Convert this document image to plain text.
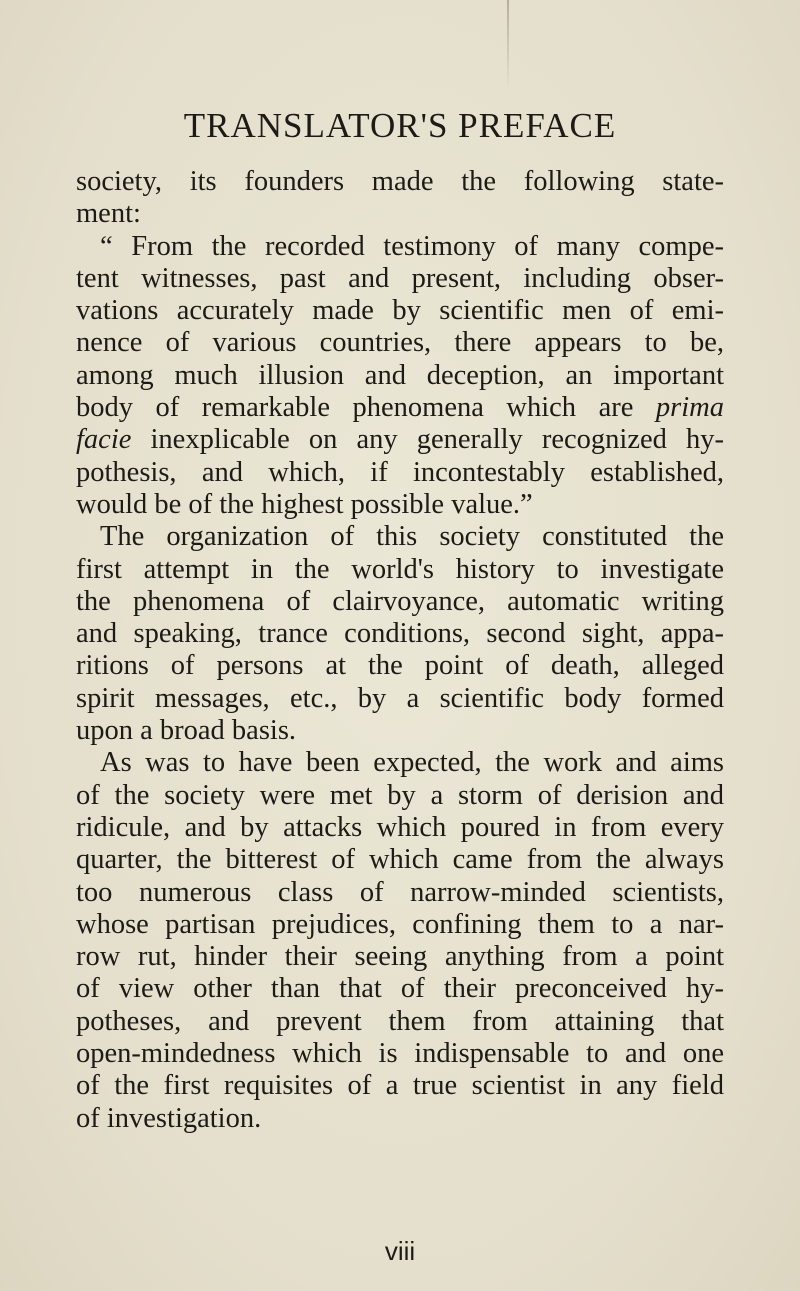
TRANSLATOR'S PREFACE
society, its founders made the following state-
ment:
“ From the recorded testimony of many compe-
tent witnesses, past and present, including obser-
vations accurately made by scientific men of emi-
nence of various countries, there appears to be,
among much illusion and deception, an important
body of remarkable phenomena which are prima
facie inexplicable on any generally recognized hy-
pothesis, and which, if incontestably established,
would be of the highest possible value.”
The organization of this society constituted the
first attempt in the world's history to investigate
the phenomena of clairvoyance, automatic writing
and speaking, trance conditions, second sight, appa-
ritions of persons at the point of death, alleged
spirit messages, etc., by a scientific body formed
upon a broad basis.
As was to have been expected, the work and aims
of the society were met by a storm of derision and
ridicule, and by attacks which poured in from every
quarter, the bitterest of which came from the always
too numerous class of narrow-minded scientists,
whose partisan prejudices, confining them to a nar-
row rut, hinder their seeing anything from a point
of view other than that of their preconceived hy-
potheses, and prevent them from attaining that
open-mindedness which is indispensable to and one
of the first requisites of a true scientist in any field
of investigation.
viii
